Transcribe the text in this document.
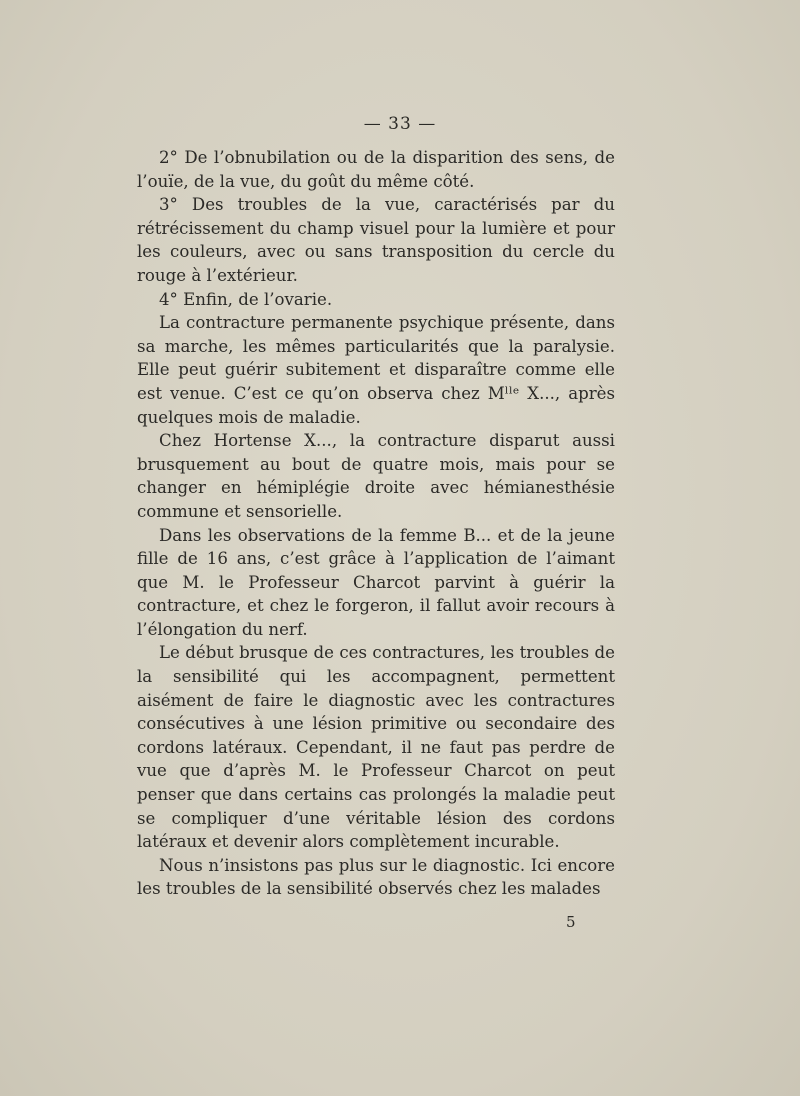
— 33 —

2° De l’obnubilation ou de la disparition des sens, de l’ouïe, de la vue, du goût du même côté.

3° Des troubles de la vue, caractérisés par du rétrécissement du champ visuel pour la lumière et pour les couleurs, avec ou sans transposition du cercle du rouge à l’extérieur.

4° Enfin, de l’ovarie.

La contracture permanente psychique présente, dans sa marche, les mêmes particularités que la paralysie. Elle peut guérir subitement et disparaître comme elle est venue. C’est ce qu’on observa chez Mˡˡᵉ X..., après quelques mois de maladie.

Chez Hortense X..., la contracture disparut aussi brusquement au bout de quatre mois, mais pour se changer en hémiplégie droite avec hémianesthésie commune et sensorielle.

Dans les observations de la femme B... et de la jeune fille de 16 ans, c’est grâce à l’application de l’aimant que M. le Professeur Charcot parvint à guérir la contracture, et chez le forgeron, il fallut avoir recours à l’élongation du nerf.

Le début brusque de ces contractures, les troubles de la sensibilité qui les accompagnent, permettent aisément de faire le diagnostic avec les contractures consécutives à une lésion primitive ou secondaire des cordons latéraux. Cependant, il ne faut pas perdre de vue que d’après M. le Professeur Charcot on peut penser que dans certains cas prolongés la maladie peut se compliquer d’une véritable lésion des cordons latéraux et devenir alors complètement incurable.

Nous n’insistons pas plus sur le diagnostic. Ici encore les troubles de la sensibilité observés chez les malades

5
